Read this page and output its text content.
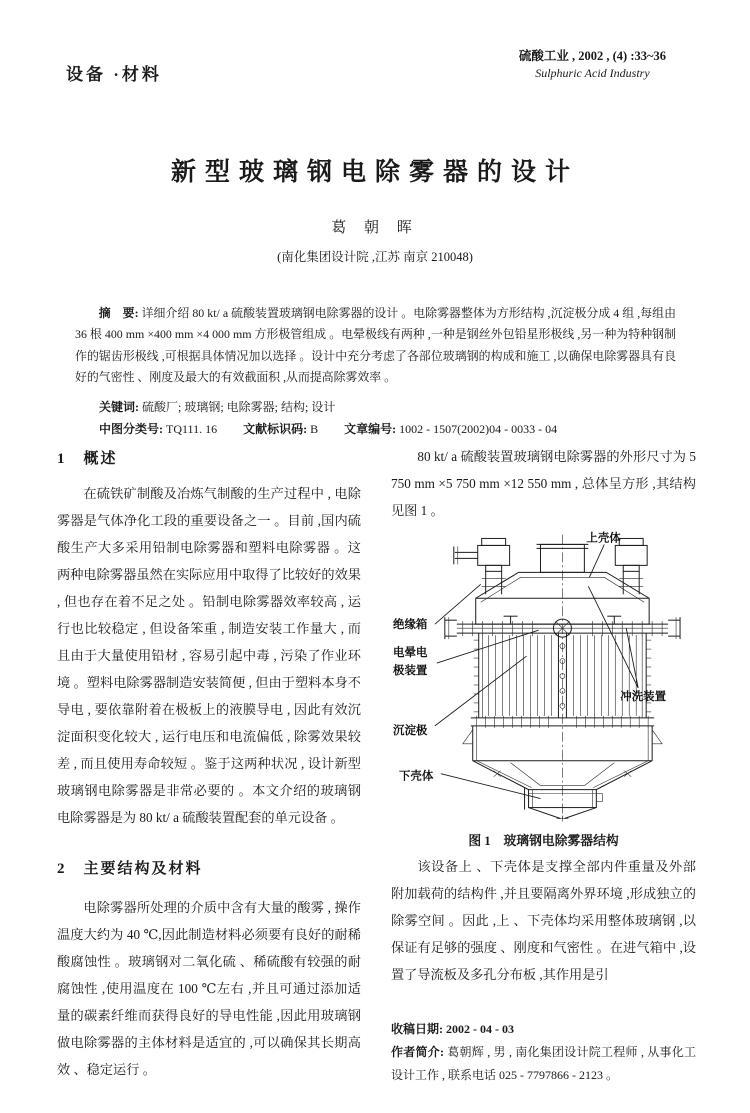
设备 ·材料
硫酸工业 , 2002 , (4) :33~36
Sulphuric Acid Industry
新型玻璃钢电除雾器的设计
葛 朝 晖
(南化集团设计院 ,江苏 南京 210048)

摘　要: 详细介绍 80 kt/ a 硫酸装置玻璃钢电除雾器的设计 。电除雾器整体为方形结构 ,沉淀极分成 4 组 ,每组由 36 根 400 mm ×400 mm ×4 000 mm 方形极管组成 。电晕极线有两种 ,一种是钢丝外包铅星形极线 ,另一种为特种钢制作的锯齿形极线 ,可根据具体情况加以选择 。设计中充分考虑了各部位玻璃钢的构成和施工 ,以确保电除雾器具有良好的气密性 、刚度及最大的有效截面积 ,从而提高除雾效率 。

关键词: 硫酸厂; 玻璃钢; 电除雾器; 结构; 设计

中图分类号: TQ111. 16 文献标识码: B 文章编号: 1002 - 1507(2002)04 - 0033 - 04

1　概述

在硫铁矿制酸及冶炼气制酸的生产过程中 , 电除雾器是气体净化工段的重要设备之一 。目前 ,国内硫酸生产大多采用铅制电除雾器和塑料电除雾器 。这两种电除雾器虽然在实际应用中取得了比较好的效果 , 但也存在着不足之处 。铅制电除雾器效率较高 , 运行也比较稳定 , 但设备笨重 , 制造安装工作量大 , 而且由于大量使用铅材 , 容易引起中毒 , 污染了作业环境 。塑料电除雾器制造安装简便 , 但由于塑料本身不导电 , 要依靠附着在极板上的液膜导电 , 因此有效沉淀面积变化较大 , 运行电压和电流偏低 , 除雾效果较差 , 而且使用寿命较短 。鉴于这两种状况 , 设计新型玻璃钢电除雾器是非常必要的 。本文介绍的玻璃钢电除雾器是为 80 kt/ a 硫酸装置配套的单元设备 。

2　主要结构及材料

电除雾器所处理的介质中含有大量的酸雾 , 操作温度大约为 40 ℃,因此制造材料必须要有良好的耐稀酸腐蚀性 。玻璃钢对二氧化硫 、稀硫酸有较强的耐腐蚀性 ,使用温度在 100 ℃左右 ,并且可通过添加适量的碳素纤维而获得良好的导电性能 ,因此用玻璃钢做电除雾器的主体材料是适宜的 ,可以确保其长期高效 、稳定运行 。

80 kt/ a 硫酸装置玻璃钢电除雾器的外形尺寸为 5 750 mm ×5 750 mm ×12 550 mm , 总体呈方形 ,其结构见图 1 。

上壳体
绝缘箱
电晕电
极装置
冲洗装置
沉淀极
下壳体
图 1　玻璃钢电除雾器结构

该设备上 、下壳体是支撑全部内件重量及外部附加载荷的结构件 ,并且要隔离外界环境 ,形成独立的除雾空间 。因此 ,上 、下壳体均采用整体玻璃钢 ,以保证有足够的强度 、刚度和气密性 。在进气箱中 ,设置了导流板及多孔分布板 ,其作用是引

收稿日期: 2002 - 04 - 03

作者简介: 葛朝辉 , 男 , 南化集团设计院工程师 , 从事化工设计工作 , 联系电话 025 - 7797866 - 2123 。
